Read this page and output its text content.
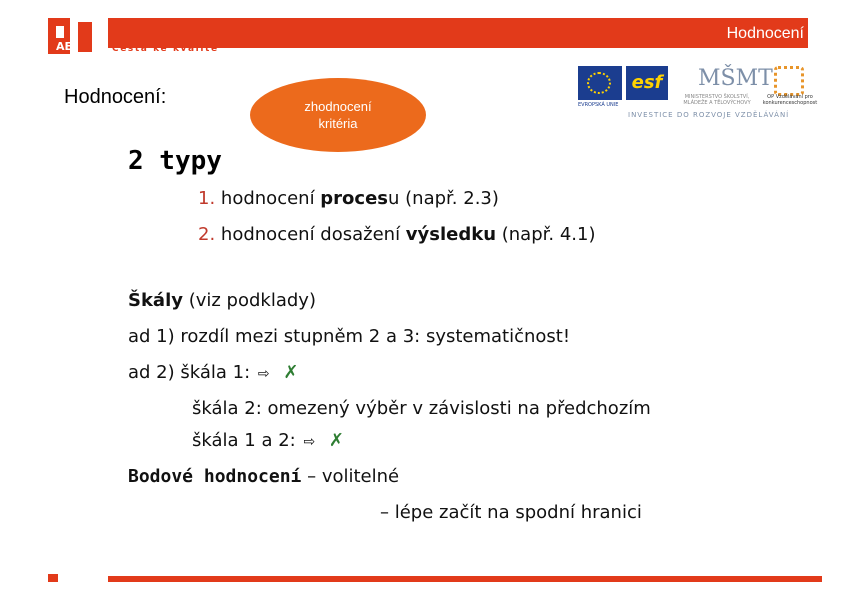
AE
Hodnocení
Cesta ke kvalitě
Hodnocení:	zhodnocení
kritéria
esf
EVROPSKÁ UNIE
MŠMT
MINISTERSTVO ŠKOLSTVÍ, MLÁDEŽE A TĚLOVÝCHOVY
OP Vzdělávání pro konkurenceschopnost
INVESTICE DO ROZVOJE VZDĚLÁVÁNÍ
2 typy
1. hodnocení procesu (např. 2.3)
2. hodnocení dosažení výsledku (např. 4.1)
Škály (viz podklady)
ad 1) rozdíl mezi stupněm 2 a 3: systematičnost!
ad 2) škála 1: ⇨ ✗
škála 2: omezený výběr v závislosti na předchozím
škála 1 a 2: ⇨ ✗
Bodové hodnocení – volitelné
– lépe začít na spodní hranici
